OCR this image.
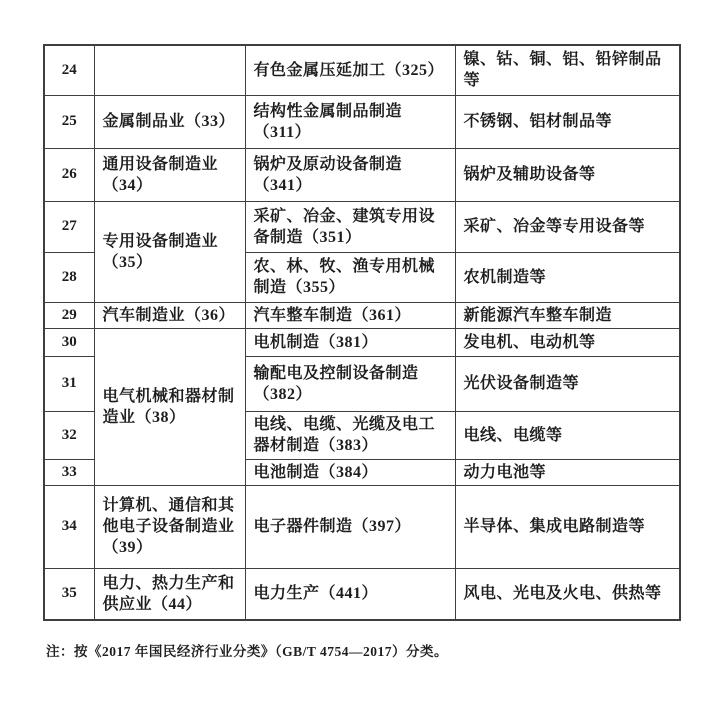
24		有色金属压延加工（325）	镍、钴、铜、铝、铅锌制品等
25	金属制品业（33）	结构性金属制品制造（311）	不锈钢、铝材制品等
26	通用设备制造业（34）	锅炉及原动设备制造（341）	锅炉及辅助设备等
27	专用设备制造业（35）	采矿、冶金、建筑专用设备制造（351）	采矿、冶金等专用设备等
28		农、林、牧、渔专用机械制造（355）	农机制造等
29	汽车制造业（36）	汽车整车制造（361）	新能源汽车整车制造
30	电气机械和器材制造业（38）	电机制造（381）	发电机、电动机等
31		输配电及控制设备制造（382）	光伏设备制造等
32		电线、电缆、光缆及电工器材制造（383）	电线、电缆等
33		电池制造（384）	动力电池等
34	计算机、通信和其他电子设备制造业（39）	电子器件制造（397）	半导体、集成电路制造等
35	电力、热力生产和供应业（44）	电力生产（441）	风电、光电及火电、供热等
注：按《2017 年国民经济行业分类》（GB/T 4754—2017）分类。
